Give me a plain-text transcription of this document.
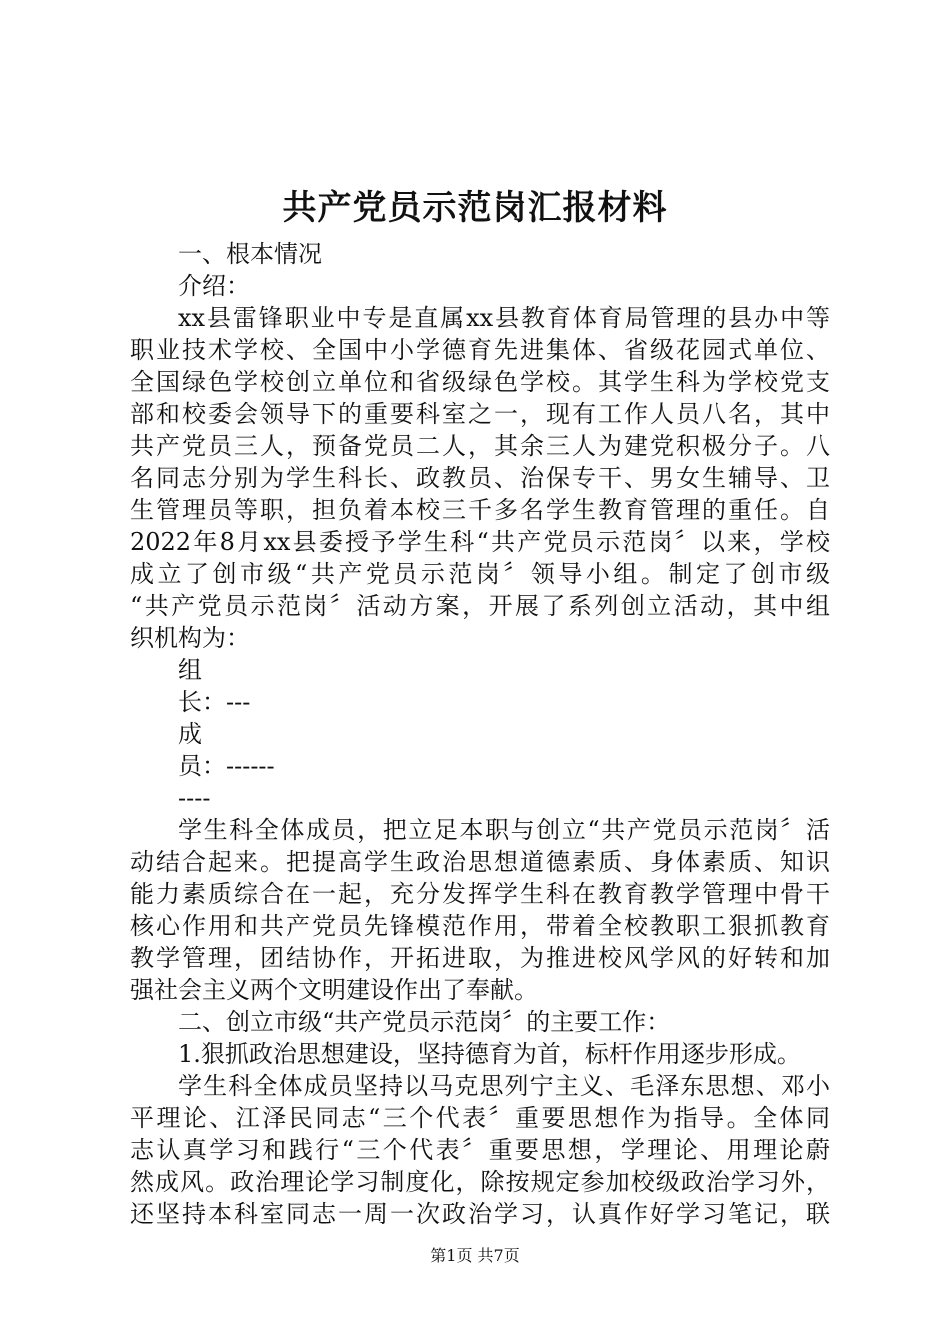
共产党员示范岗汇报材料
一、根本情况
介绍：
xx县雷锋职业中专是直属xx县教育体育局管理的县办中等
职业技术学校、全国中小学德育先进集体、省级花园式单位、
全国绿色学校创立单位和省级绿色学校。其学生科为学校党支
部和校委会领导下的重要科室之一，现有工作人员八名，其中
共产党员三人，预备党员二人，其余三人为建党积极分子。八
名同志分别为学生科长、政教员、治保专干、男女生辅导、卫
生管理员等职，担负着本校三千多名学生教育管理的重任。自
2022年8月xx县委授予学生科“共产党员示范岗〞以来，学校
成立了创市级“共产党员示范岗〞领导小组。制定了创市级
“共产党员示范岗〞活动方案，开展了系列创立活动，其中组
织机构为：
组
长：---
成
员：------
----
学生科全体成员，把立足本职与创立“共产党员示范岗〞活
动结合起来。把提高学生政治思想道德素质、身体素质、知识
能力素质综合在一起，充分发挥学生科在教育教学管理中骨干
核心作用和共产党员先锋模范作用，带着全校教职工狠抓教育
教学管理，团结协作，开拓进取，为推进校风学风的好转和加
强社会主义两个文明建设作出了奉献。
二、创立市级“共产党员示范岗〞的主要工作：
1.狠抓政治思想建设，坚持德育为首，标杆作用逐步形成。
学生科全体成员坚持以马克思列宁主义、毛泽东思想、邓小
平理论、江泽民同志“三个代表〞重要思想作为指导。全体同
志认真学习和践行“三个代表〞重要思想，学理论、用理论蔚
然成风。政治理论学习制度化，除按规定参加校级政治学习外，
还坚持本科室同志一周一次政治学习，认真作好学习笔记，联
第1页 共7页
